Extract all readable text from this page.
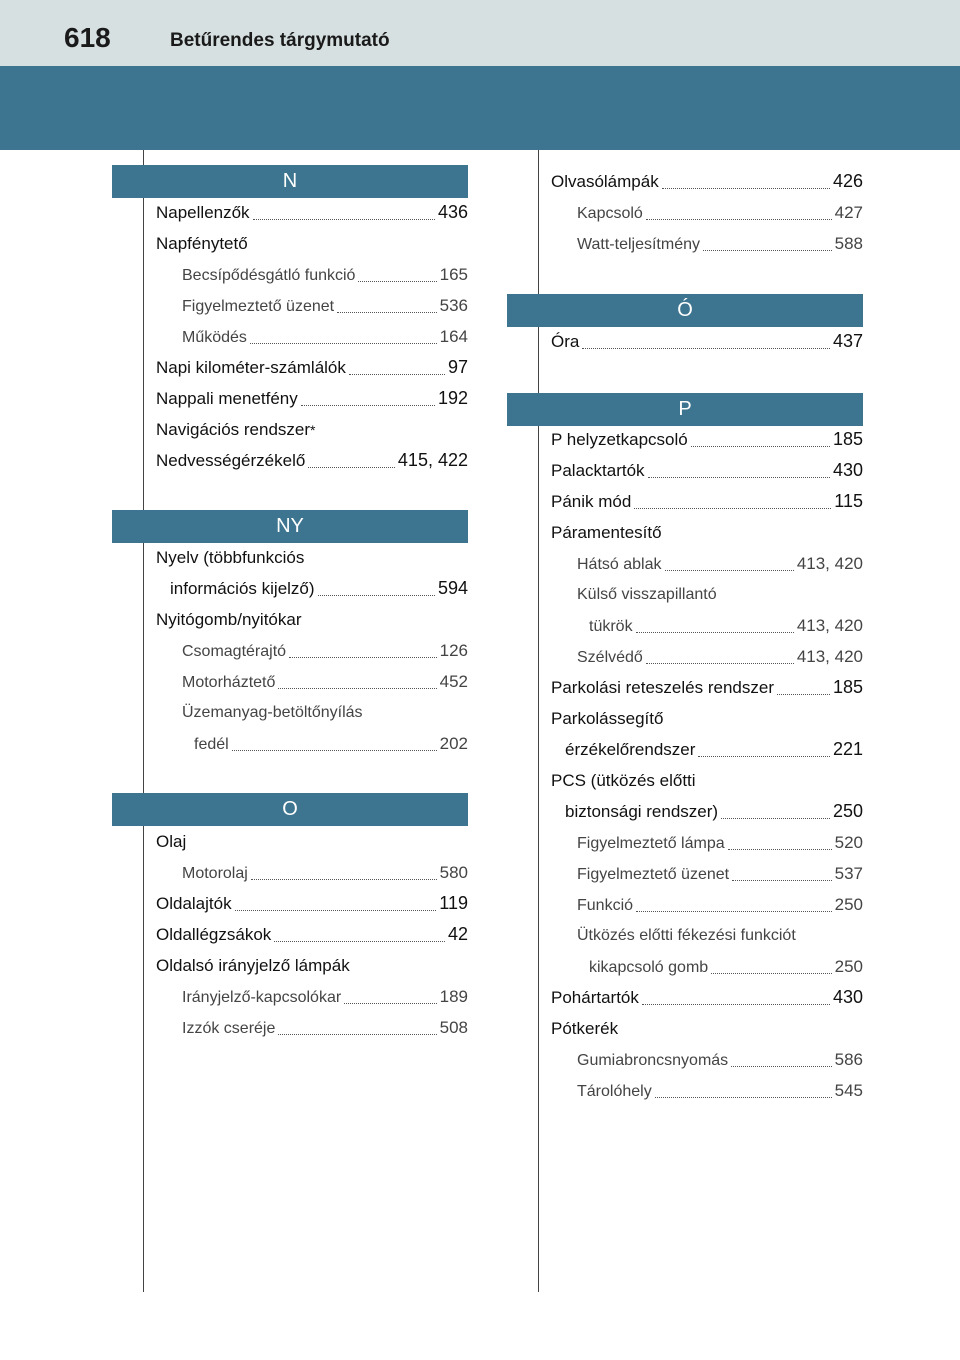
618	Betűrendes tárgymutató
N
Napellenzők	436
Napfénytető
Becsípődésgátló funkció	165
Figyelmeztető üzenet	536
Működés	164
Napi kilométer-számlálók	97
Nappali menetfény	192
Navigációs rendszer *
Nedvességérzékelő	415, 422
NY
Nyelv (többfunkciós
információs kijelző)	594
Nyitógomb/nyitókar
Csomagtérajtó	126
Motorháztető	452
Üzemanyag-betöltőnyílás
fedél	202
O
Olaj
Motorolaj	580
Oldalajtók	119
Oldallégzsákok	42
Oldalsó irányjelző lámpák
Irányjelző-kapcsolókar	189
Izzók cseréje	508
Olvasólámpák	426
Kapcsoló	427
Watt-teljesítmény	588
Ó
Óra	437
P
P helyzetkapcsoló	185
Palacktartók	430
Pánik mód	115
Páramentesítő
Hátsó ablak	413, 420
Külső visszapillantó
tükrök	413, 420
Szélvédő	413, 420
Parkolási reteszelés rendszer	185
Parkolássegítő
érzékelőrendszer	221
PCS (ütközés előtti
biztonsági rendszer)	250
Figyelmeztető lámpa	520
Figyelmeztető üzenet	537
Funkció	250
Ütközés előtti fékezési funkciót
kikapcsoló gomb	250
Pohártartók	430
Pótkerék
Gumiabroncsnyomás	586
Tárolóhely	545
